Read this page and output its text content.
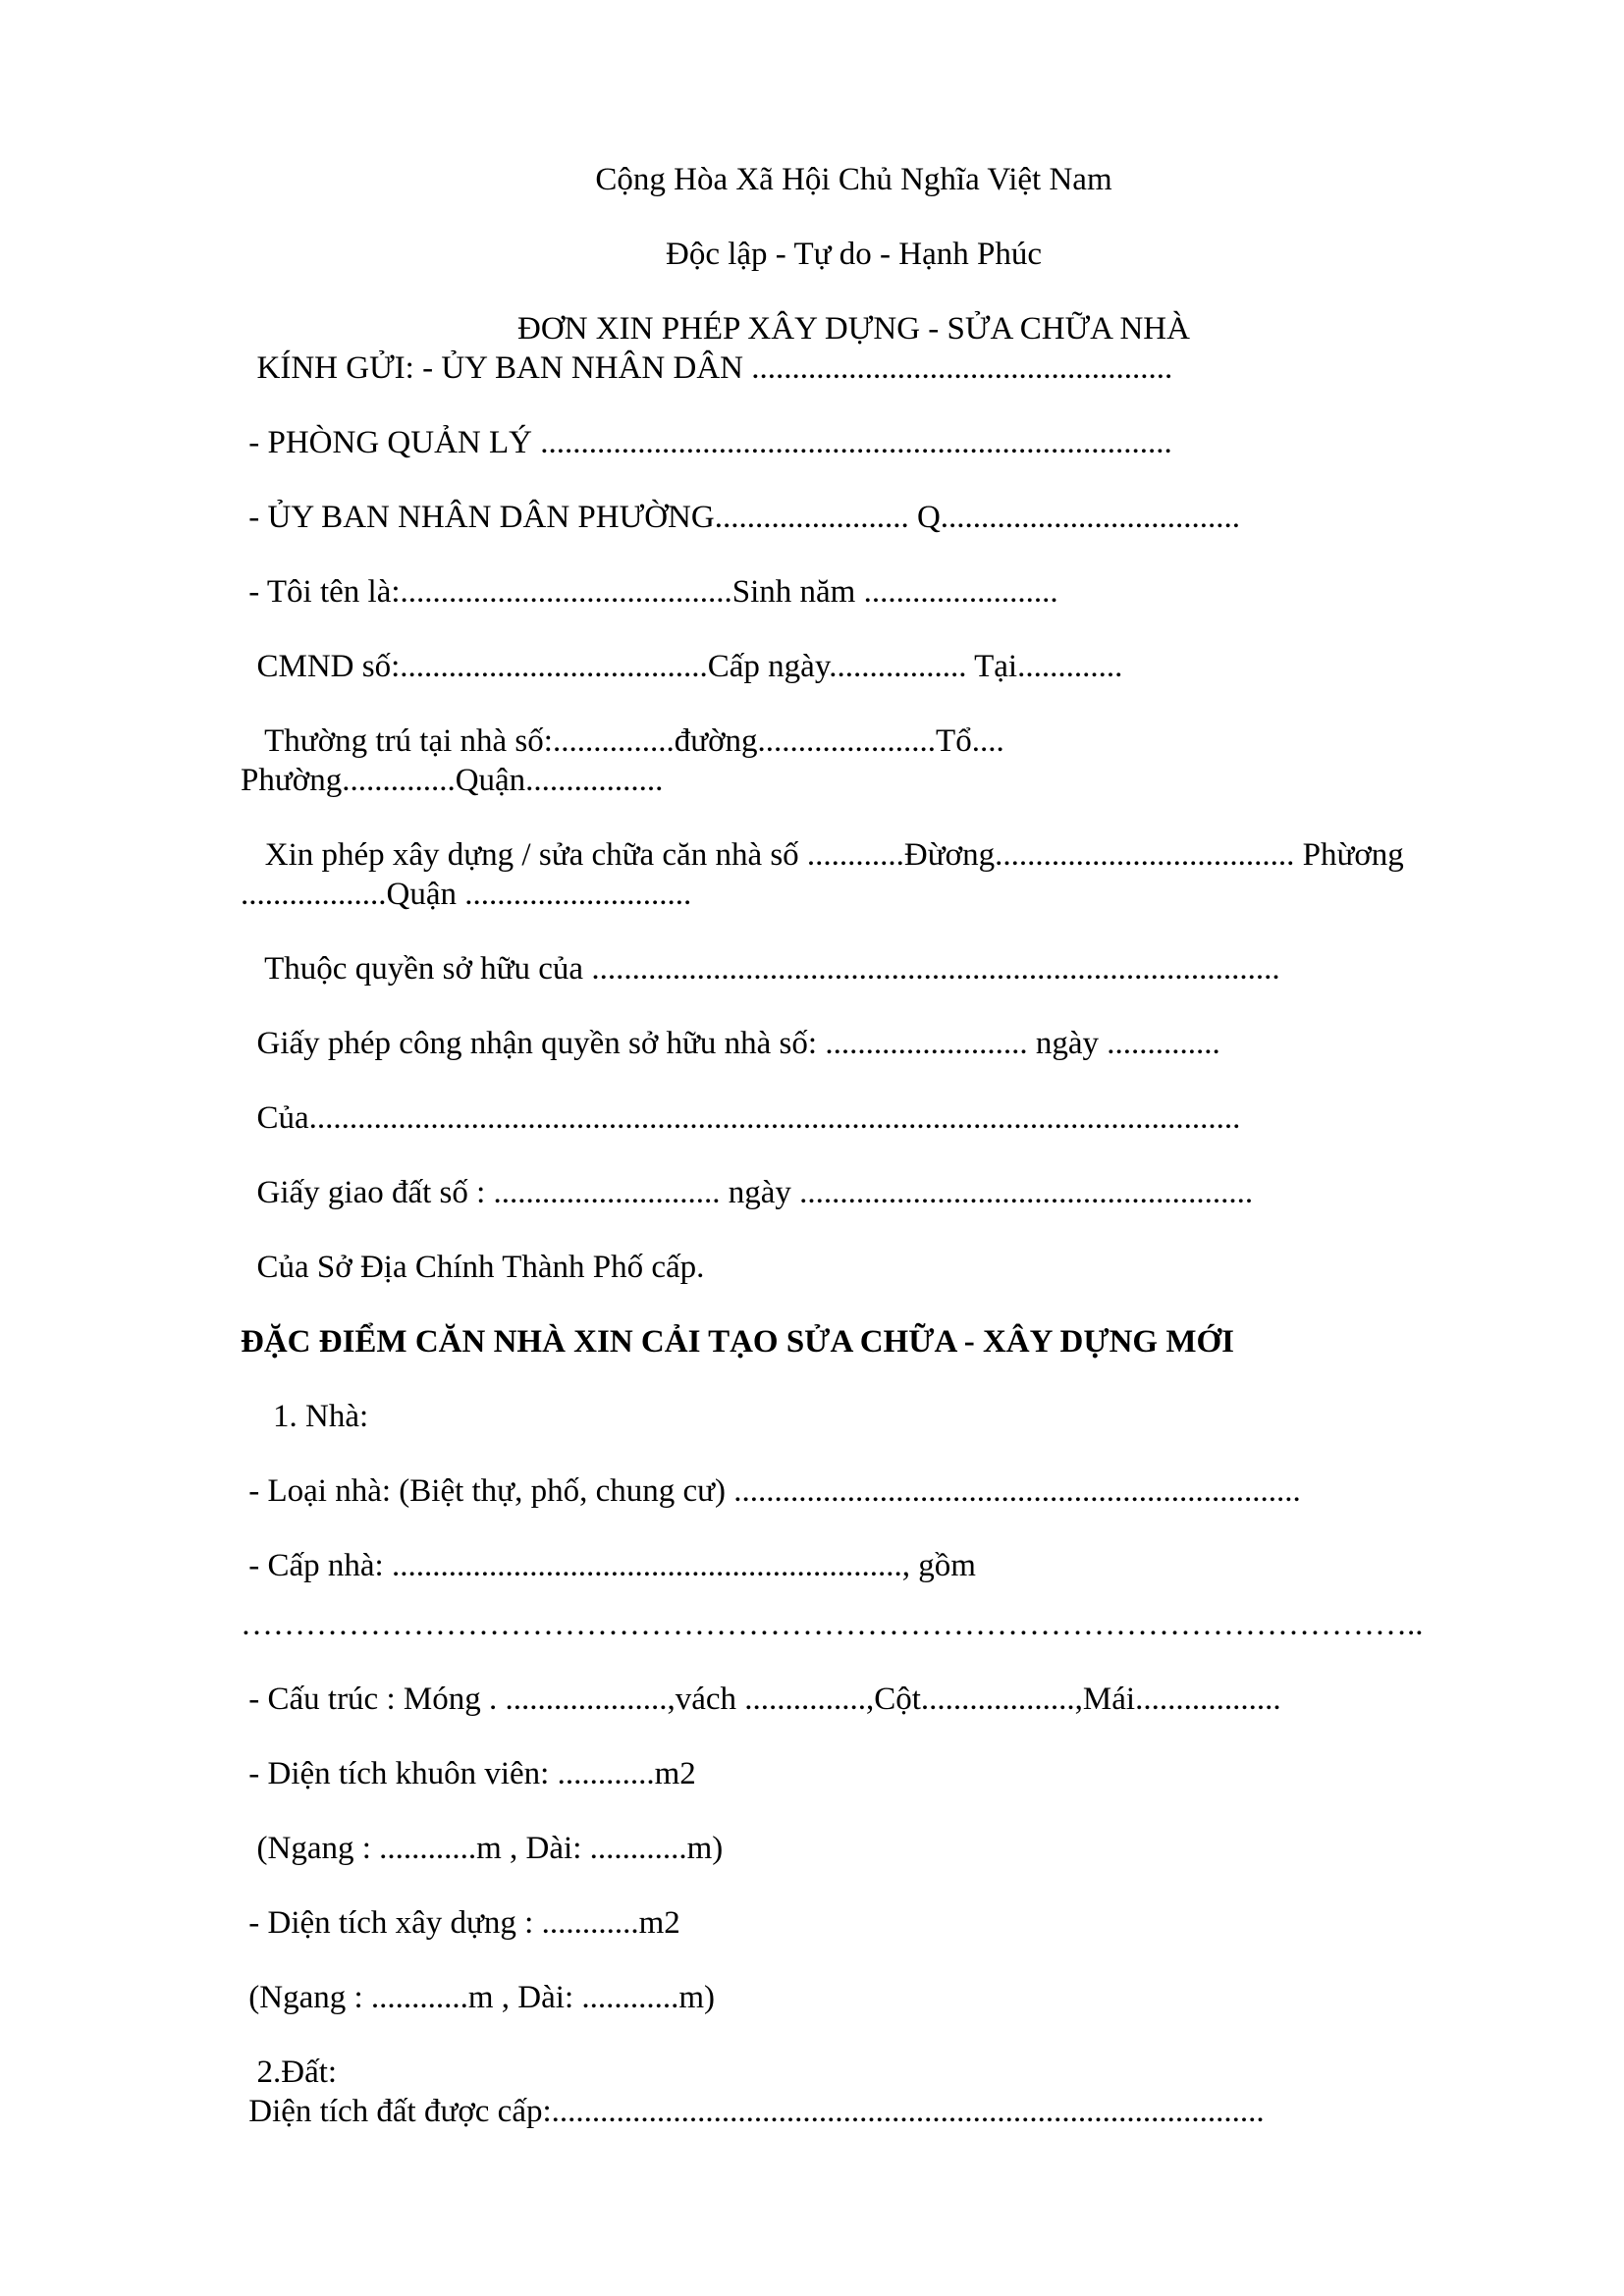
Cộng Hòa Xã Hội Chủ Nghĩa Việt Nam
Độc lập - Tự do - Hạnh Phúc
ĐƠN XIN PHÉP XÂY DỰNG - SỬA CHỮA NHÀ
KÍNH GỬI: - ỦY BAN NHÂN DÂN ....................................................
- PHÒNG QUẢN LÝ ..............................................................................
- ỦY BAN NHÂN DÂN PHƯỜNG........................ Q.....................................
- Tôi tên là:.........................................Sinh năm ........................
CMND số:......................................Cấp ngày................. Tại.............
Thường trú tại nhà số:...............đường......................Tổ....
Phường..............Quận.................
Xin phép xây dựng / sửa chữa căn nhà số ............Đừơng..................................... Phừơng
..................Quận ............................
Thuộc quyền sở hữu của .....................................................................................
Giấy phép công nhận quyền sở hữu nhà số: ......................... ngày ..............
Của...................................................................................................................
Giấy giao đất số : ............................ ngày ........................................................
Của Sở Địa Chính Thành Phố cấp.
ĐẶC ĐIỂM CĂN NHÀ XIN CẢI TẠO SỬA CHỮA - XÂY DỰNG MỚI
1. Nhà:
- Loại nhà: (Biệt thự, phố, chung cư) ......................................................................
- Cấp nhà: ..............................................................., gồm
………………………………………………………………………………………………..
- Cấu trúc : Móng . ....................,vách ...............,Cột...................,Mái..................
- Diện tích khuôn viên: ............m2
(Ngang : ............m , Dài: ............m)
- Diện tích xây dựng : ............m2
(Ngang : ............m , Dài: ............m)
2.Đất:
Diện tích đất được cấp:........................................................................................
